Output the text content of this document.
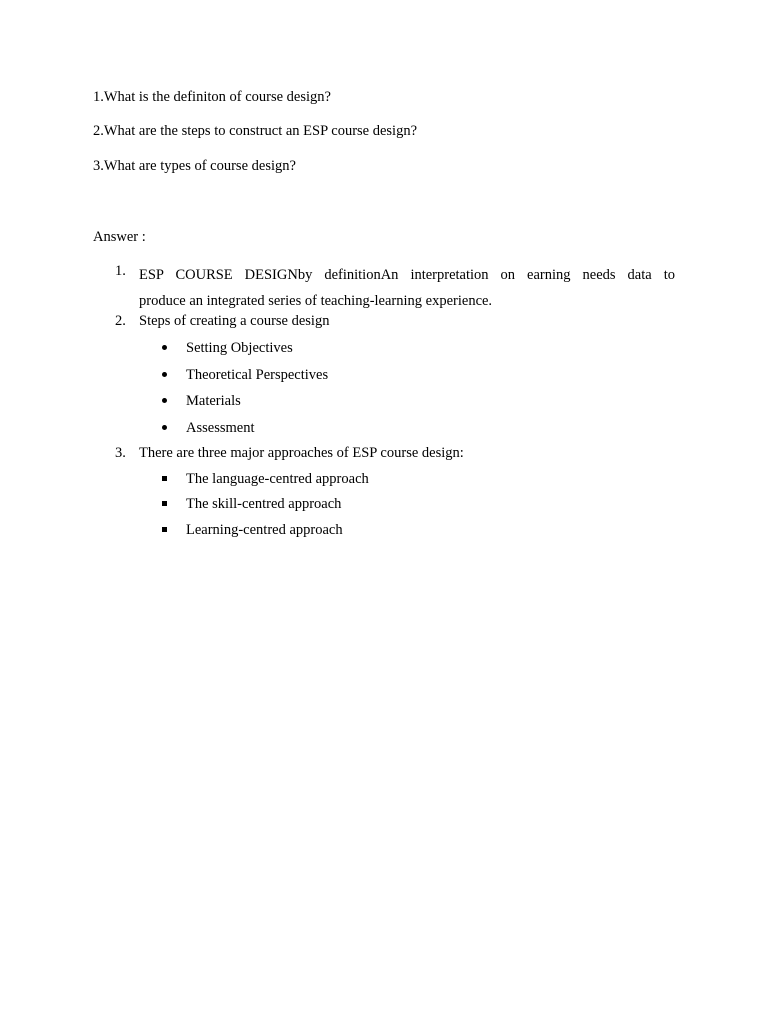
1.What is the definiton of course design?
2.What are the steps to construct an ESP course design?
3.What are types of course design?
Answer :
1. ESP COURSE DESIGNby definitionAn interpretation on earning needs data to
produce an integrated series of teaching-learning experience.
2. Steps of creating a course design
Setting Objectives
Theoretical Perspectives
Materials
Assessment
3. There are three major approaches of ESP course design:
The language-centred approach
The skill-centred approach
Learning-centred approach
